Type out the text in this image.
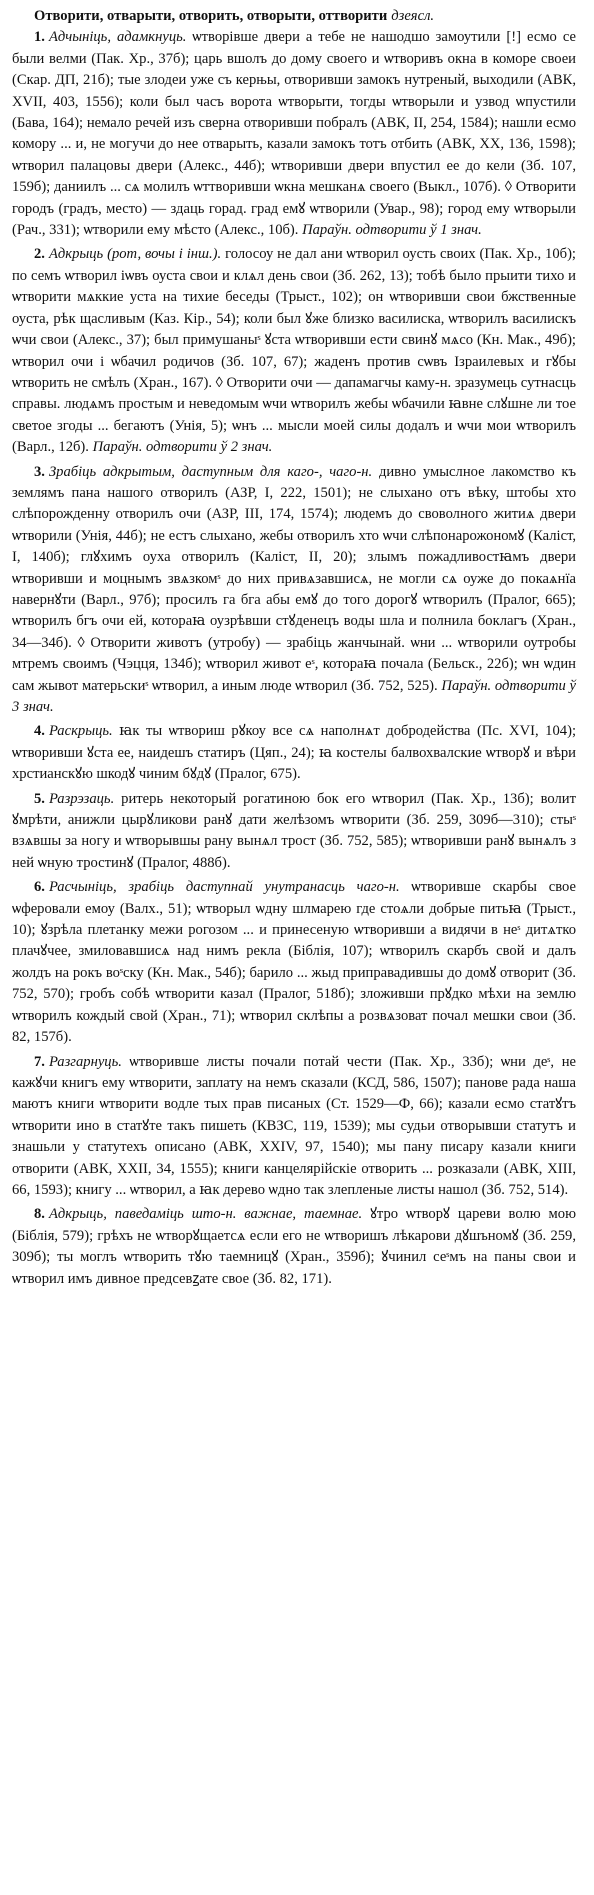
Отворити, отварыти, отворить, отворыти, оттворити дзеясл.

1. Адчыніць, адамкнуць. ѡтворівше двери а тебе не нашодшо замоутили [!] есмо се были велми (Пак. Хр., 37б); царь вшолъ до дому своего и ѡтворивъ окна в коморе своеи (Скар. ДП, 21б); тые злодеи уже съ керњы, отворивши замокъ нутреный, выходили (АВК, XVII, 403, 1556); коли был часъ ворота ѡтворыти, тогды ѡтворыли и узвод ѡпустили (Бава, 164); немало речей изъ сверна отворивши побралъ (АВК, II, 254, 1584); нашли есмо комору ... и, не могучи до нее отварыть, казали замокъ тотъ отбить (АВК, XX, 136, 1598); ѡтворил палацовы двери (Алекс., 44б); ѡтворивши двери впустил ее до кели (Зб. 107, 159б); даниилъ ... сѧ молилъ ѡттворивши ѡкна мешканѧ своего (Выкл., 107б). ◊ Отворити городъ (градъ, место) — здаць горад. град емꙋ ѡтворили (Увар., 98); город ему ѡтворыли (Рач., 331); ѡтворили ему мѣсто (Алекс., 10б). Параўн. одтворити ў 1 знач.

2. Адкрыць (рот, вочы і інш.). голосоу не дал ани ѡтворил оусть своих (Пак. Хр., 10б); по семъ ѡтворил іѡвъ оуста свои и клѧл день свои (Зб. 262, 13); тобѣ было прыити тихо и ѡтворити мѧккие уста на тихие беседы (Трыст., 102); он ѡтворивши свои бжственные оуста, рѣк щасливым (Каз. Кір., 54); коли был ꙋже близко василиска, ѡтворилъ василискъ ѡчи свои (Алекс., 37); был примушаныˢ ꙋста ѡтворивши ести свинꙋ мѧсо (Кн. Мак., 49б); ѡтворил очи і ѡбачил родичов (Зб. 107, 67); жаденъ против сѡвъ Ізраилевых и гꙋбы ѡтворить не смѣлъ (Хран., 167). ◊ Отворити очи — дапамагчы каму-н. зразумець сутнасць справы. людѧмъ простым и неведомым ѡчи ѡтворилъ жебы ѡбачили ꙗвне слꙋшне ли тое светое згоды ... бегаютъ (Унія, 5); ѡнъ ... мысли моей силы додалъ и ѡчи мои ѡтворилъ (Варл., 12б). Параўн. одтворити ў 2 знач.

3. Зрабіць адкрытым, даступным для каго-, чаго-н. дивно умыслное лакомство къ землямъ пана нашого отворилъ (АЗР, I, 222, 1501); не слыхано отъ вѣку, штобы хто слѣпорожденну отворилъ очи (АЗР, III, 174, 1574); людемъ до своволного житиѧ двери ѡтворили (Унія, 44б); не естъ слыхано, жебы отворилъ хто ѡчи слѣпонарожономꙋ (Каліст, I, 140б); глꙋхимъ оуха отворилъ (Каліст, II, 20); злымъ пожадливостꙗмъ двери ѡтворивши и моцнымъ звѧзкомˢ до них привѧзавшисѧ, не могли сѧ оуже до покаѧнїа навернꙋти (Варл., 97б); просилъ га бга абы емꙋ до того дорогꙋ ѡтворилъ (Пралог, 665); ѡтворилъ бгъ очи ей, котораꙗ оузрѣвши стꙋденецъ воды шла и полнила боклагъ (Хран., 34—34б). ◊ Отворити животъ (утробу) — зрабіць жанчынай. ѡни ... ѡтворили оутробы мтремъ своимъ (Чэцця, 134б); ѡтворил живот еˢ, котораꙗ почала (Бельск., 22б); ѡн ѡдин сам жывот матерьскиˢ ѡтворил, а иным люде ѡтворил (Зб. 752, 525). Параўн. одтворити ў 3 знач.

4. Раскрыць. ꙗк ты ѡтвориш рꙋкоу все сѧ наполнѧт добродейства (Пс. XVI, 104); ѡтворивши ꙋста ее, наидешъ статиръ (Цяп., 24); ꙗ костелы балвохвалские ѡтворꙋ и вѣри хрстианскꙋю шкодꙋ чиним бꙋдꙋ (Пралог, 675).

5. Разрэзаць. ритерь некоторый рогатиною бок его ѡтворил (Пак. Хр., 13б); волит ꙋмрѣти, анижли цырꙋликови ранꙋ дати желѣзомъ ѡтворити (Зб. 259, 309б—310); стыˢ взѧвшы за ногу и ѡтворывшы рану вынѧл трост (Зб. 752, 585); ѡтворивши ранꙋ вынѧлъ з ней ѡную тростинꙋ (Пралог, 488б).

6. Расчыніць, зрабіць даступнай унутранасць чаго-н. ѡтворивше скарбы свое ѡферовали емоу (Валх., 51); ѡтворыл ѡдну шлмарею где стоѧли добрые питьꙗ (Трыст., 10); ꙋзрѣла плетанку межи рогозом ... и принесеную ѡтворивши а видячи в неˢ дитѧтко плачꙋчее, змиловавшисѧ над нимъ рекла (Біблія, 107); ѡтворилъ скарбъ свой и далъ жолдъ на рокъ воˢску (Кн. Мак., 54б); барило ... жыд приправадившы до домꙋ отворит (Зб. 752, 570); гробъ собѣ ѡтворити казал (Пралог, 518б); зложивши прꙋдко мѣхи на землю ѡтворилъ кождый свой (Хран., 71); ѡтворил склѣпы а розвѧзоват почал мешки свои (Зб. 82, 157б).

7. Разгарнуць. ѡтворивше листы почали потай чести (Пак. Хр., 33б); ѡни деˢ, не кажꙋчи книгъ ему ѡтворити, заплату на немъ сказали (КСД, 586, 1507); панове рада наша маютъ книги ѡтворити водле тых прав писаных (Ст. 1529—Ф, 66); казали есмо статꙋтъ ѡтворити ино в статꙋте такъ пишеть (КВЗС, 119, 1539); мы судьи отворывши статутъ и знашьли у статутехъ описано (АВК, XXIV, 97, 1540); мы пану писару казали книги отворити (АВК, XXII, 34, 1555); книги канцелярійскіе отворить ... розказали (АВК, XIII, 66, 1593); книгу ... ѡтворил, а ꙗк дерево ѡдно так злепленые листы нашол (Зб. 752, 514).

8. Адкрыць, паведаміць што-н. важнае, таемнае. ꙋтро ѡтворꙋ цареви волю мою (Біблія, 579); грѣхъ не ѡтворꙋщаетсѧ если его не ѡтворишъ лѣкарови дꙋшъномꙋ (Зб. 259, 309б); ты моглъ ѡтворить тꙋю таемницꙋ (Хран., 359б); ꙋчинил сеˢмъ на паны свои и ѡтворил имъ дивное предсевꙁате свое (Зб. 82, 171).
